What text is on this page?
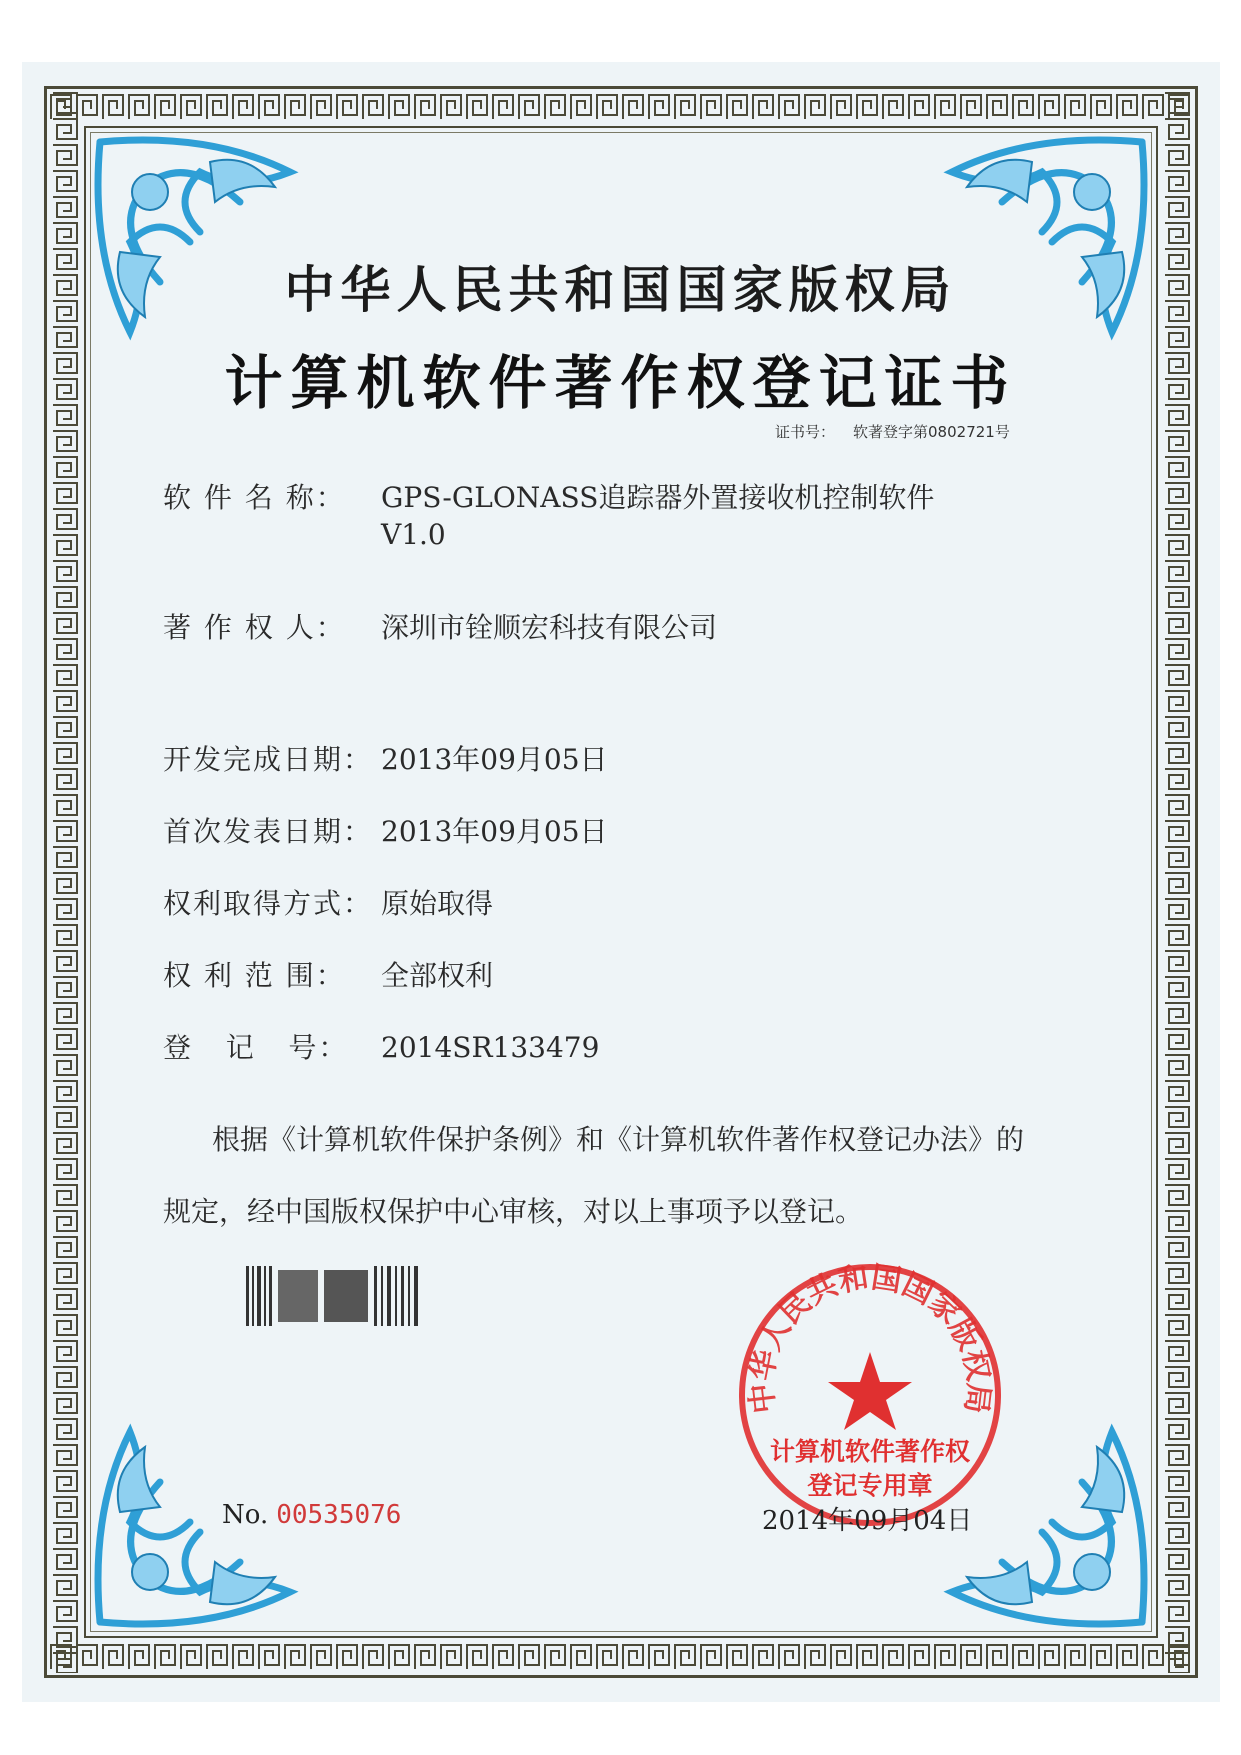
中华人民共和国国家版权局
计算机软件著作权登记证书
证书号： 软著登字第0802721号
软 件 名 称： GPS-GLONASS追踪器外置接收机控制软件
V1.0
著 作 权 人： 深圳市铨顺宏科技有限公司
开发完成日期： 2013年09月05日
首次发表日期： 2013年09月05日
权利取得方式： 原始取得
权 利 范 围： 全部权利
登   记   号： 2014SR133479
根据《计算机软件保护条例》和《计算机软件著作权登记办法》的
规定，经中国版权保护中心审核，对以上事项予以登记。
中华人民共和国国家版权局
计算机软件著作权
登记专用章
No. 00535076	2014年09月04日
